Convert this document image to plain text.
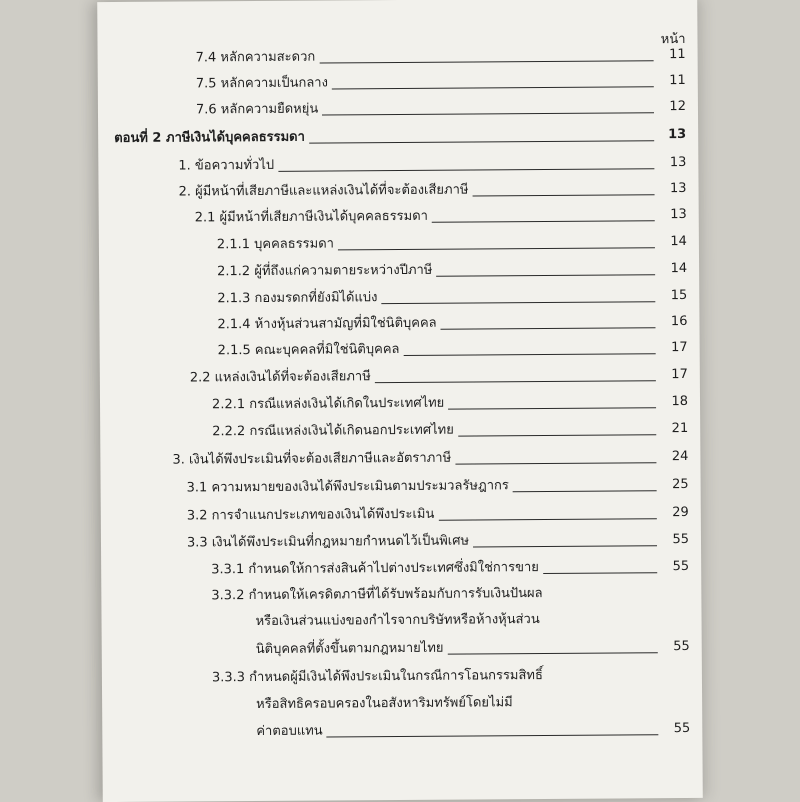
หน้า
7.4 หลักความสะดวก	11
7.5 หลักความเป็นกลาง	11
7.6 หลักความยืดหยุ่น	12
ตอนที่ 2 ภาษีเงินได้บุคคลธรรมดา	13
1. ข้อความทั่วไป	13
2. ผู้มีหน้าที่เสียภาษีและแหล่งเงินได้ที่จะต้องเสียภาษี	13
2.1 ผู้มีหน้าที่เสียภาษีเงินได้บุคคลธรรมดา	13
2.1.1 บุคคลธรรมดา	14
2.1.2 ผู้ที่ถึงแก่ความตายระหว่างปีภาษี	14
2.1.3 กองมรดกที่ยังมิได้แบ่ง	15
2.1.4 ห้างหุ้นส่วนสามัญที่มิใช่นิติบุคคล	16
2.1.5 คณะบุคคลที่มิใช่นิติบุคคล	17
2.2 แหล่งเงินได้ที่จะต้องเสียภาษี	17
2.2.1 กรณีแหล่งเงินได้เกิดในประเทศไทย	18
2.2.2 กรณีแหล่งเงินได้เกิดนอกประเทศไทย	21
3. เงินได้พึงประเมินที่จะต้องเสียภาษีและอัตราภาษี	24
3.1 ความหมายของเงินได้พึงประเมินตามประมวลรัษฎากร	25
3.2 การจำแนกประเภทของเงินได้พึงประเมิน	29
3.3 เงินได้พึงประเมินที่กฎหมายกำหนดไว้เป็นพิเศษ	55
3.3.1 กำหนดให้การส่งสินค้าไปต่างประเทศซึ่งมิใช่การขาย	55
3.3.2 กำหนดให้เครดิตภาษีที่ได้รับพร้อมกับการรับเงินปันผล
หรือเงินส่วนแบ่งของกำไรจากบริษัทหรือห้างหุ้นส่วน
นิติบุคคลที่ตั้งขึ้นตามกฎหมายไทย	55
3.3.3 กำหนดผู้มีเงินได้พึงประเมินในกรณีการโอนกรรมสิทธิ์
หรือสิทธิครอบครองในอสังหาริมทรัพย์โดยไม่มี
ค่าตอบแทน	55
